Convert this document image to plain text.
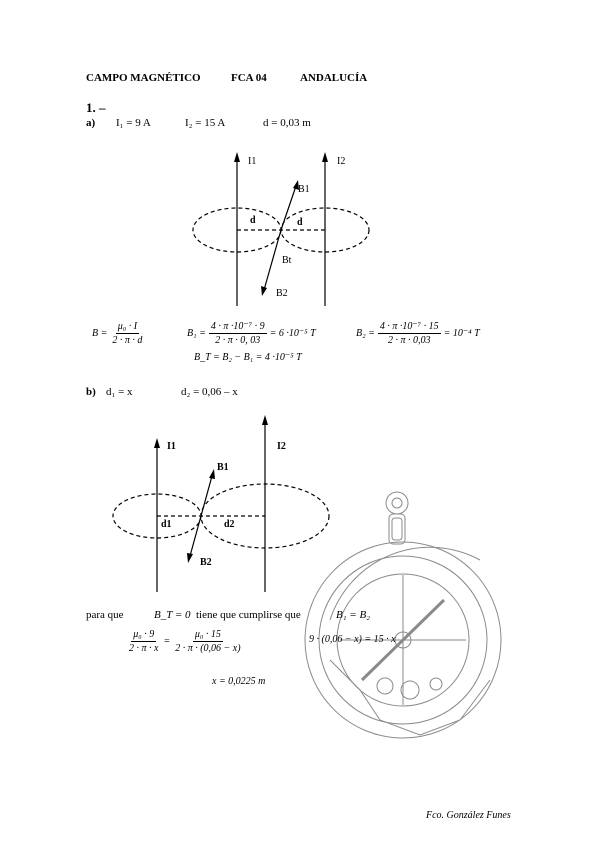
CAMPO MAGNÉTICO	FCA 04	ANDALUCÍA
1. –
a) I₁ = 9 A	I₂ = 15 A	d = 0,03 m
I1	I2
B1
Bt
B2
d	d
$B = \frac{\text{μ₀ · I}}{2 \cdot \pi \cdot d}$	$B_1 = \frac{\text{4 · π ·10⁻⁷ · 9}}{2 \cdot \pi \cdot 0, 03} = 6 \cdot 10^{-5}$ T	$B_2 = \frac{\text{4 · π ·10⁻⁷ · 15}}{2 \cdot \pi \cdot 0,03} = 10^{-4}$ T
B_T = B₂ − B₁ = 4 ·10⁻⁵ T
b) d₁ = x	d₂ = 0,06 – x
I1	I2
B1
B2
d1	d2
para que	B_T = 0 tiene que cumplirse que	B₁ = B₂
$\frac{\text{μ₀ · 9}}{2 \cdot \pi \cdot x} = \frac{\text{μ₀ · 15}}{2 \cdot \pi \cdot (0,06 - x)}$	9 · (0,06 − x) = 15 · x
x = 0,0225 m
Fco. González Funes
